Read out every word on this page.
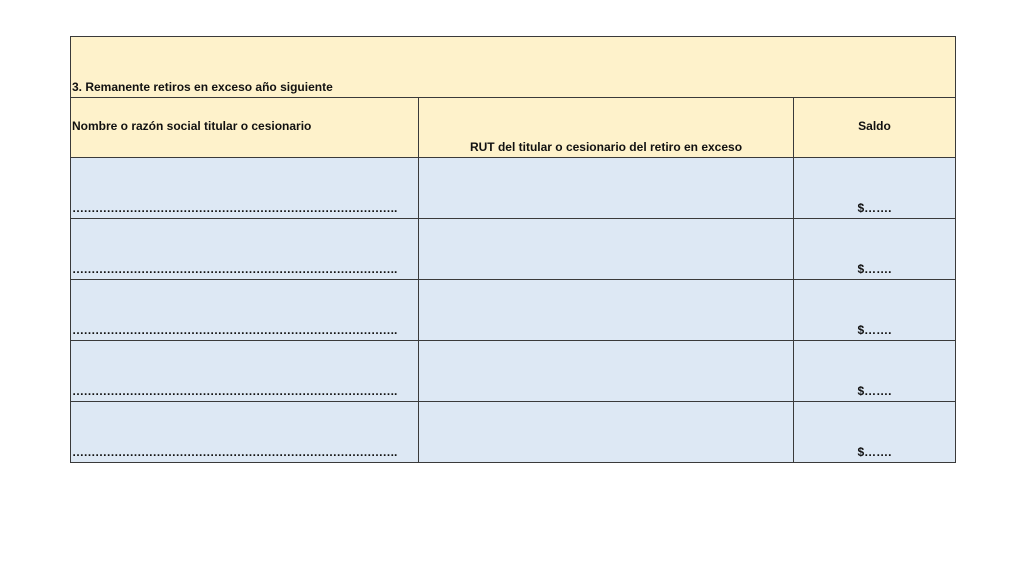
3. Remanente retiros en exceso año siguiente		
Nombre o razón social titular o cesionario	RUT del titular o cesionario del retiro en exceso	Saldo
………………………………………………………………………….		$…….
………………………………………………………………………….		$…….
………………………………………………………………………….		$…….
………………………………………………………………………….		$…….
………………………………………………………………………….		$…….
